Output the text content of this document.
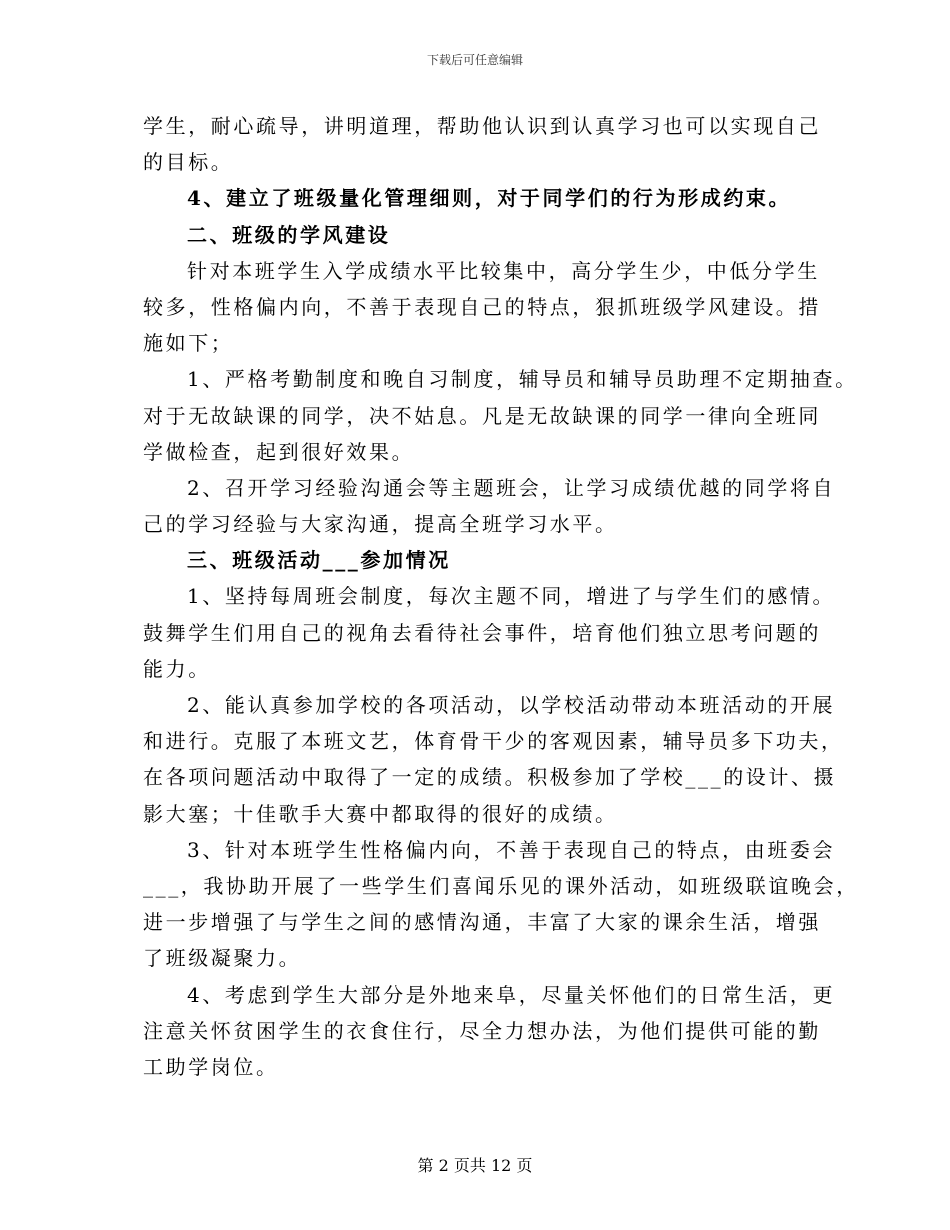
下载后可任意编辑
学生，耐心疏导，讲明道理，帮助他认识到认真学习也可以实现自己
的目标。
4、建立了班级量化管理细则，对于同学们的行为形成约束。
二、班级的学风建设
针对本班学生入学成绩水平比较集中，高分学生少，中低分学生
较多，性格偏内向，不善于表现自己的特点，狠抓班级学风建设。措
施如下；
1、严格考勤制度和晚自习制度，辅导员和辅导员助理不定期抽查。
对于无故缺课的同学，决不姑息。凡是无故缺课的同学一律向全班同
学做检查，起到很好效果。
2、召开学习经验沟通会等主题班会，让学习成绩优越的同学将自
己的学习经验与大家沟通，提高全班学习水平。
三、班级活动___参加情况
1、坚持每周班会制度，每次主题不同，增进了与学生们的感情。
鼓舞学生们用自己的视角去看待社会事件，培育他们独立思考问题的
能力。
2、能认真参加学校的各项活动，以学校活动带动本班活动的开展
和进行。克服了本班文艺，体育骨干少的客观因素，辅导员多下功夫，
在各项问题活动中取得了一定的成绩。积极参加了学校___的设计、摄
影大塞；十佳歌手大赛中都取得的很好的成绩。
3、针对本班学生性格偏内向，不善于表现自己的特点，由班委会
___，我协助开展了一些学生们喜闻乐见的课外活动，如班级联谊晚会，
进一步增强了与学生之间的感情沟通，丰富了大家的课余生活，增强
了班级凝聚力。
4、考虑到学生大部分是外地来阜，尽量关怀他们的日常生活，更
注意关怀贫困学生的衣食住行，尽全力想办法，为他们提供可能的勤
工助学岗位。
第 2 页共 12 页
